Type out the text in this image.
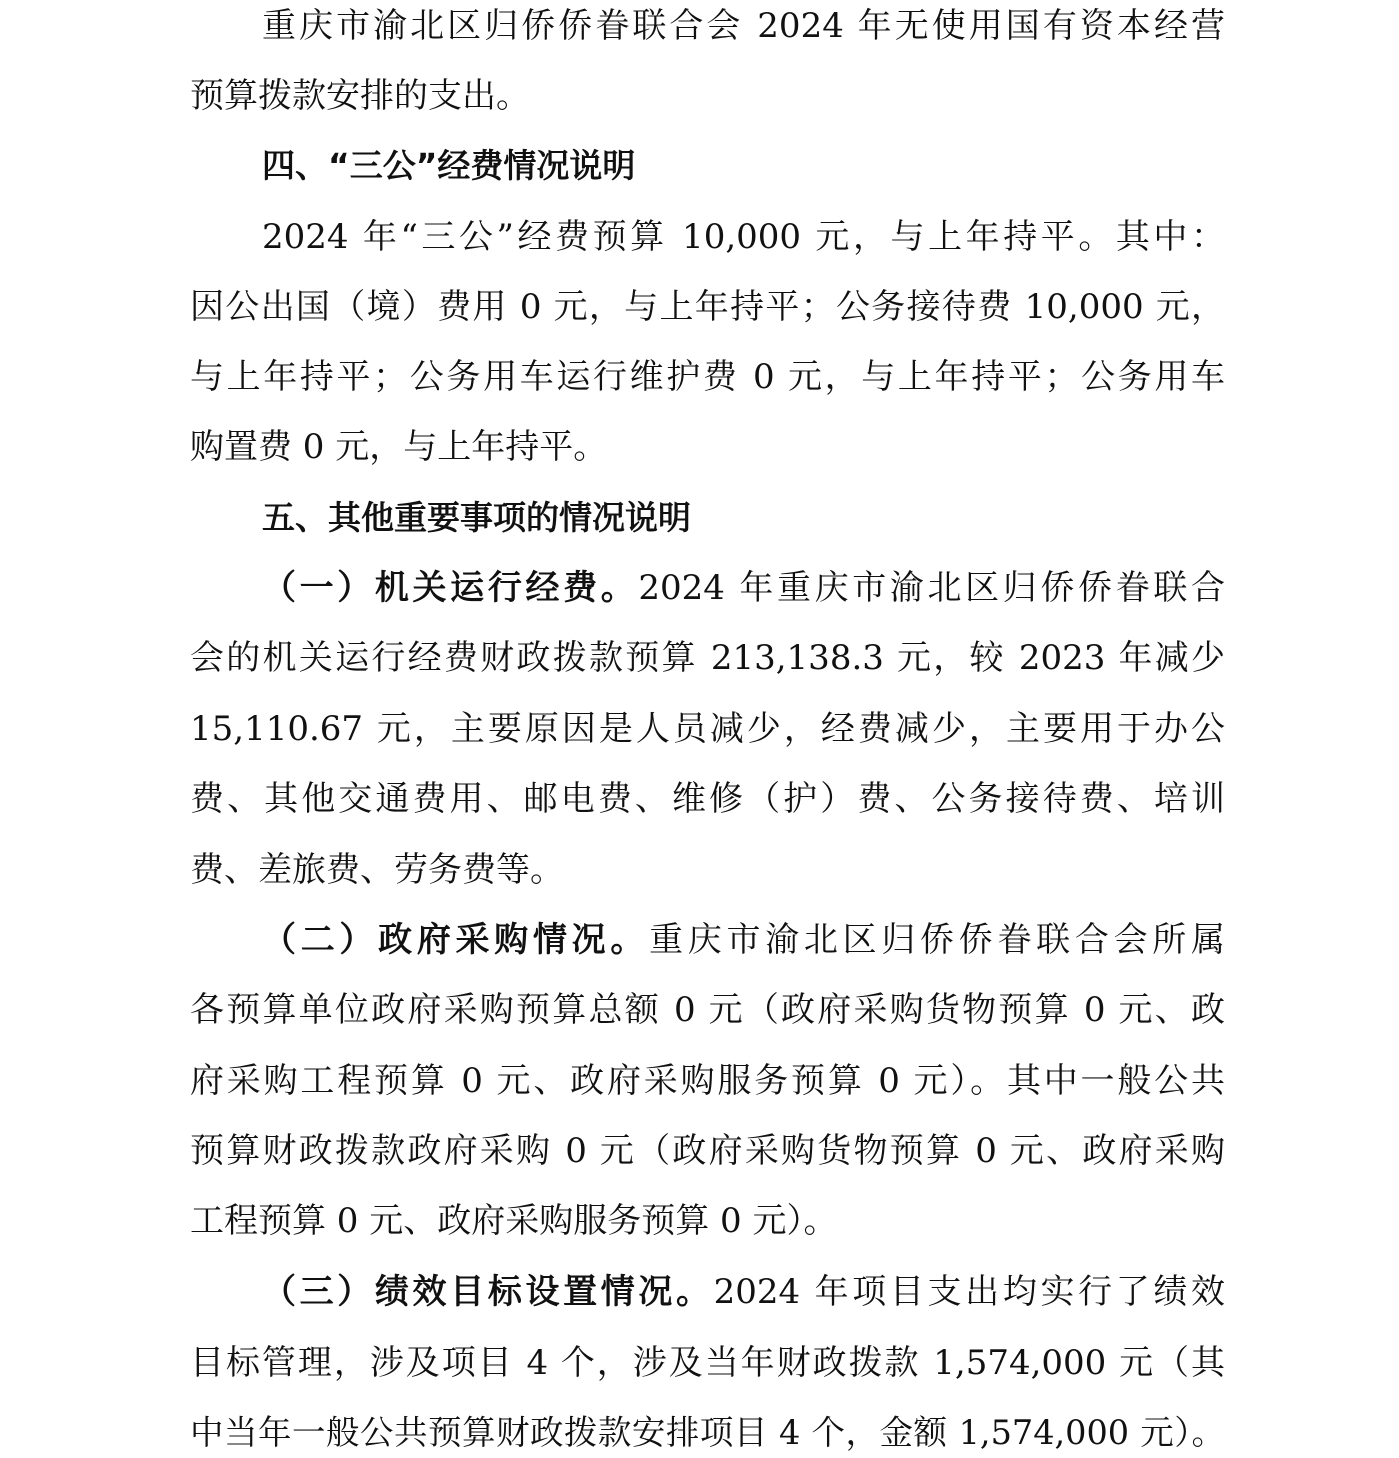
重庆市渝北区归侨侨眷联合会 2024 年无使用国有资本经营
预算拨款安排的支出。
四、“三公”经费情况说明
2024 年“三公”经费预算 10,000 元，与上年持平。其中：
因公出国（境）费用 0 元，与上年持平；公务接待费 10,000 元，
与上年持平；公务用车运行维护费 0 元，与上年持平；公务用车
购置费 0 元，与上年持平。
五、其他重要事项的情况说明
（一）机关运行经费。2024 年重庆市渝北区归侨侨眷联合
会的机关运行经费财政拨款预算 213,138.3 元，较 2023 年减少
15,110.67 元，主要原因是人员减少，经费减少，主要用于办公
费、其他交通费用、邮电费、维修（护）费、公务接待费、培训
费、差旅费、劳务费等。
（二）政府采购情况。重庆市渝北区归侨侨眷联合会所属
各预算单位政府采购预算总额 0 元（政府采购货物预算 0 元、政
府采购工程预算 0 元、政府采购服务预算 0 元）。其中一般公共
预算财政拨款政府采购 0 元（政府采购货物预算 0 元、政府采购
工程预算 0 元、政府采购服务预算 0 元）。
（三）绩效目标设置情况。2024 年项目支出均实行了绩效
目标管理，涉及项目 4 个，涉及当年财政拨款 1,574,000 元（其
中当年一般公共预算财政拨款安排项目 4 个，金额 1,574,000 元）。
